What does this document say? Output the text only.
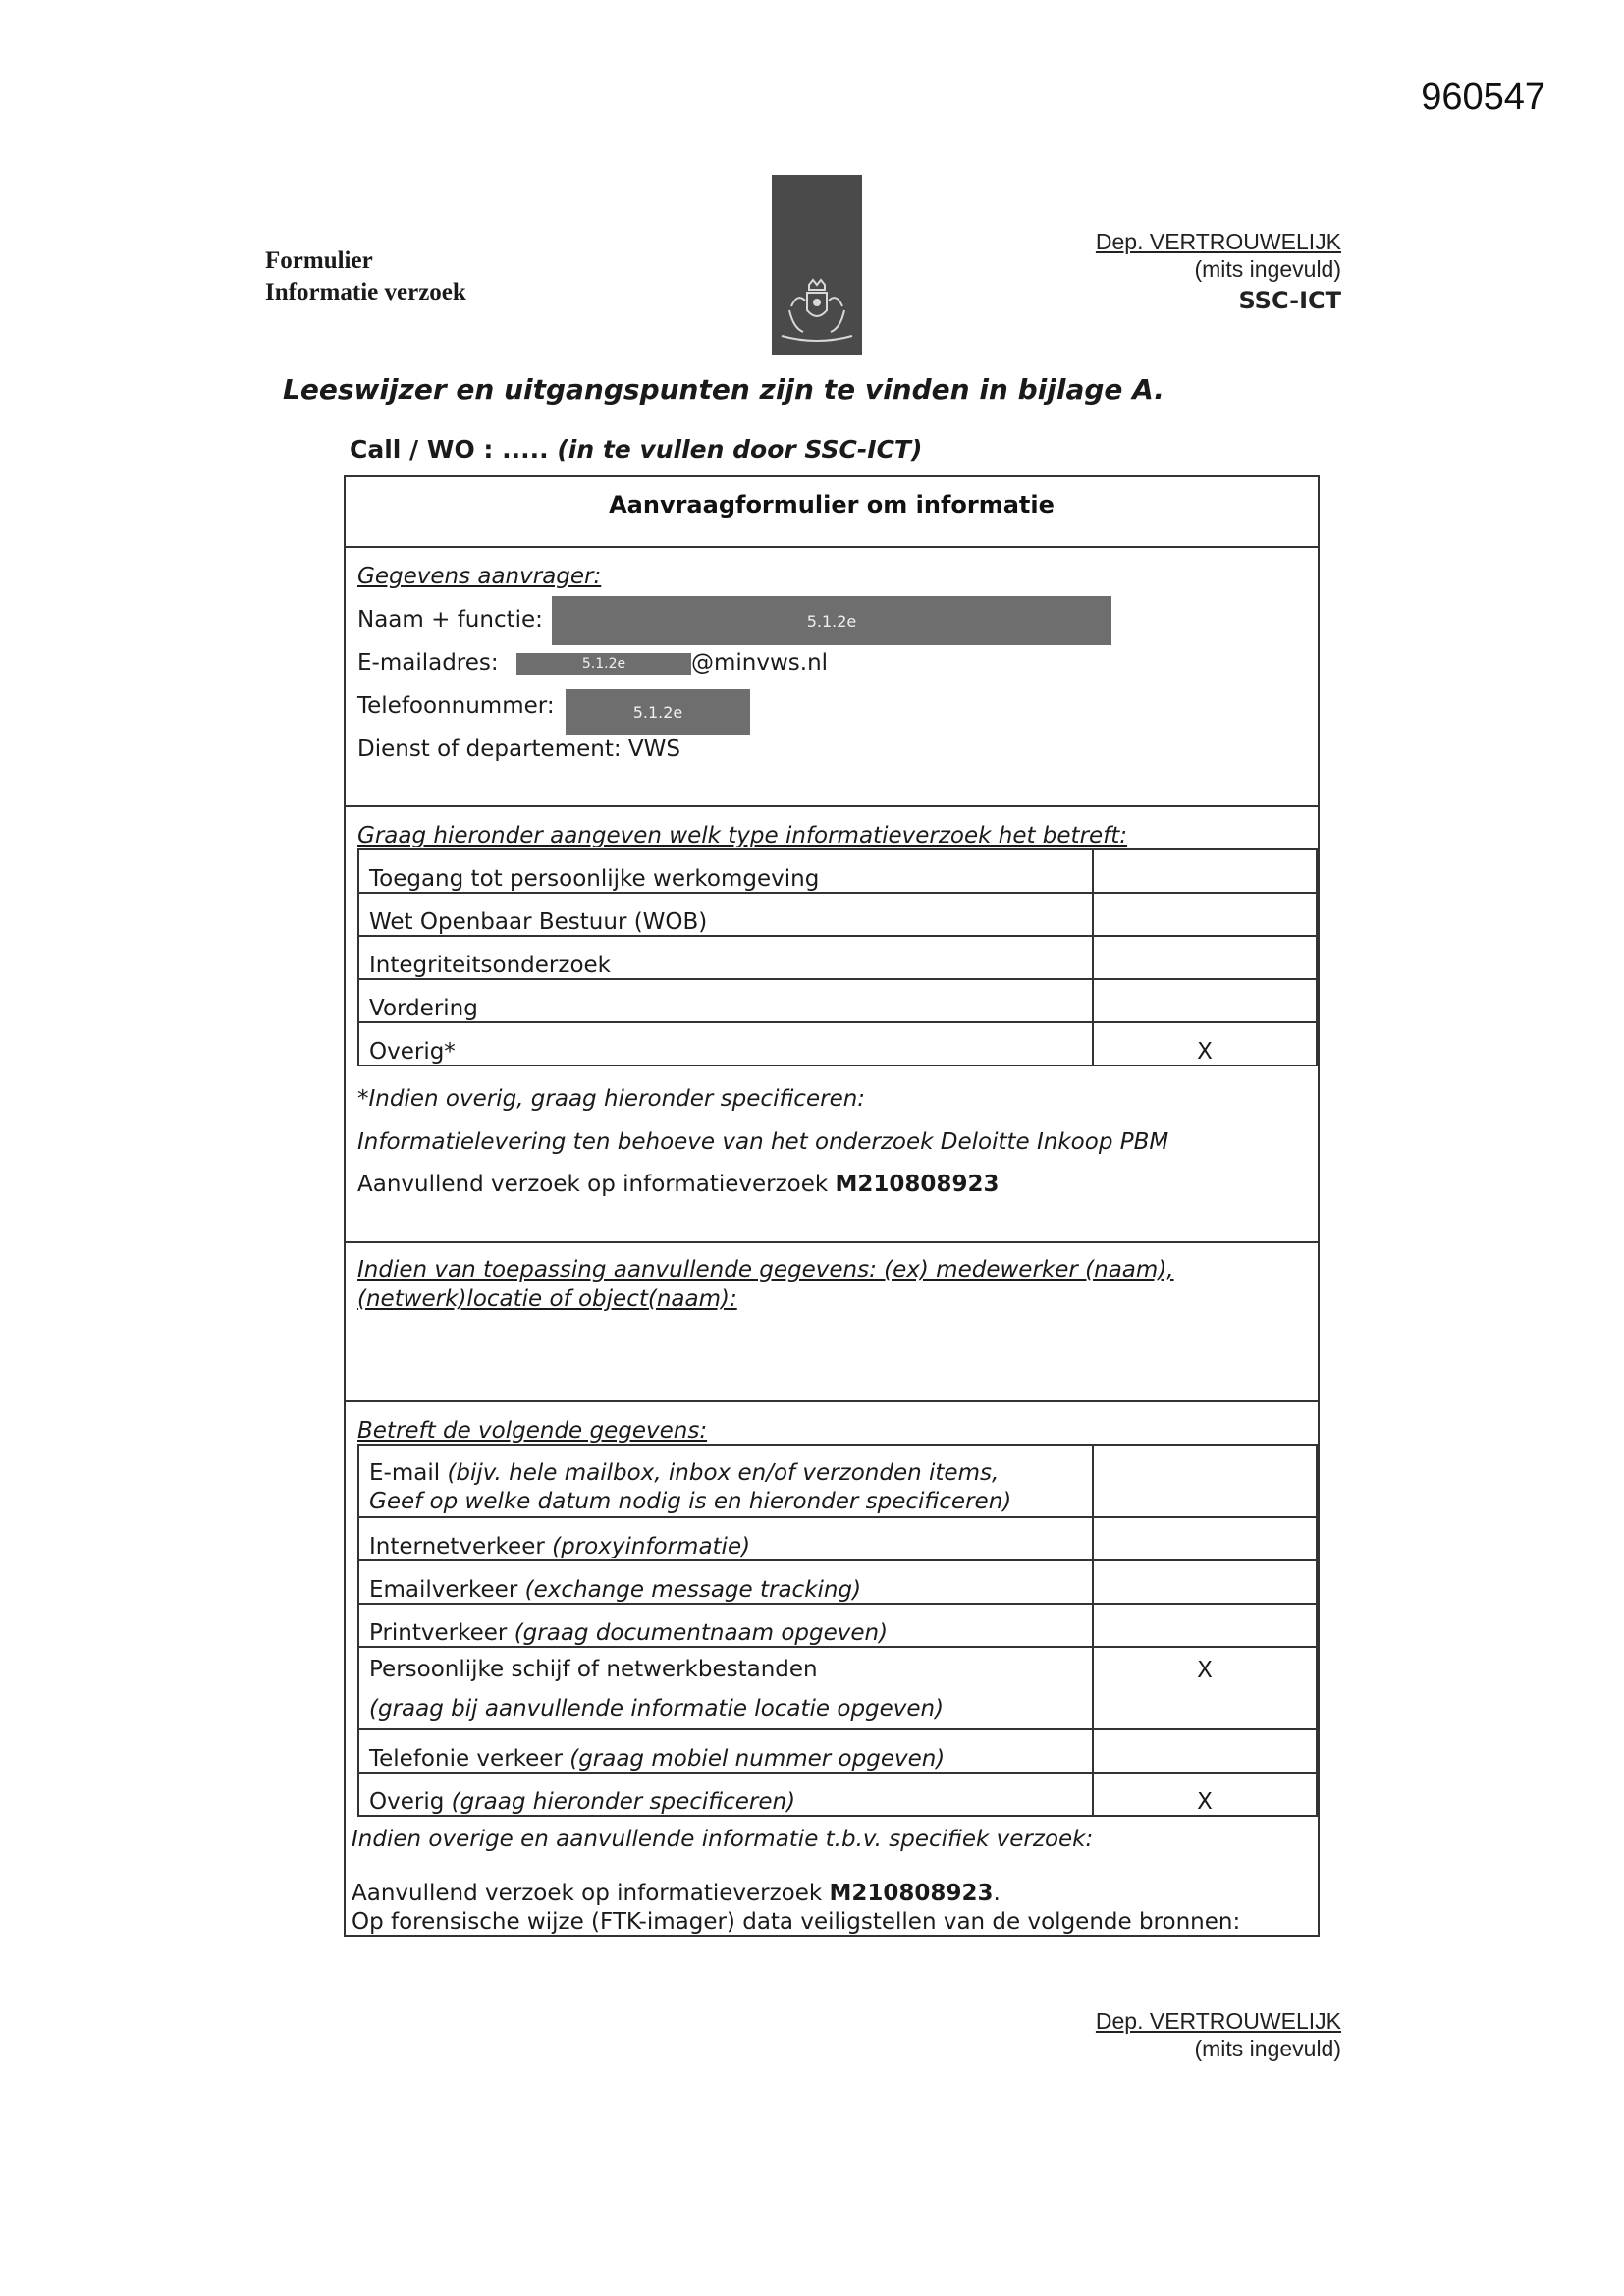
960547
Formulier
Informatie verzoek
Dep. VERTROUWELIJK
(mits ingevuld)
SSC-ICT
Leeswijzer en uitgangspunten zijn te vinden in bijlage A.
Call / WO : ..... (in te vullen door SSC-ICT)
Aanvraagformulier om informatie
Gegevens aanvrager:
Naam + functie:	5.1.2e
E-mailadres:	5.1.2e	@minvws.nl
Telefoonnummer:	5.1.2e
Dienst of departement: VWS
Graag hieronder aangeven welk type informatieverzoek het betreft:
Toegang tot persoonlijke werkomgeving	
Wet Openbaar Bestuur (WOB)	
Integriteitsonderzoek	
Vordering	
Overig*	X
*Indien overig, graag hieronder specificeren:
Informatielevering ten behoeve van het onderzoek Deloitte Inkoop PBM
Aanvullend verzoek op informatieverzoek M210808923
Indien van toepassing aanvullende gegevens: (ex) medewerker (naam),
(netwerk)locatie of object(naam):
Betreft de volgende gegevens:
E-mail (bijv. hele mailbox, inbox en/of verzonden items,
Geef op welke datum nodig is en hieronder specificeren)	
Internetverkeer (proxyinformatie)	
Emailverkeer (exchange message tracking)	
Printverkeer (graag documentnaam opgeven)	
Persoonlijke schijf of netwerkbestanden
(graag bij aanvullende informatie locatie opgeven)	X
Telefonie verkeer (graag mobiel nummer opgeven)	
Overig (graag hieronder specificeren)	X
Indien overige en aanvullende informatie t.b.v. specifiek verzoek:
Aanvullend verzoek op informatieverzoek M210808923.
Op forensische wijze (FTK-imager) data veiligstellen van de volgende bronnen:
Dep. VERTROUWELIJK
(mits ingevuld)
